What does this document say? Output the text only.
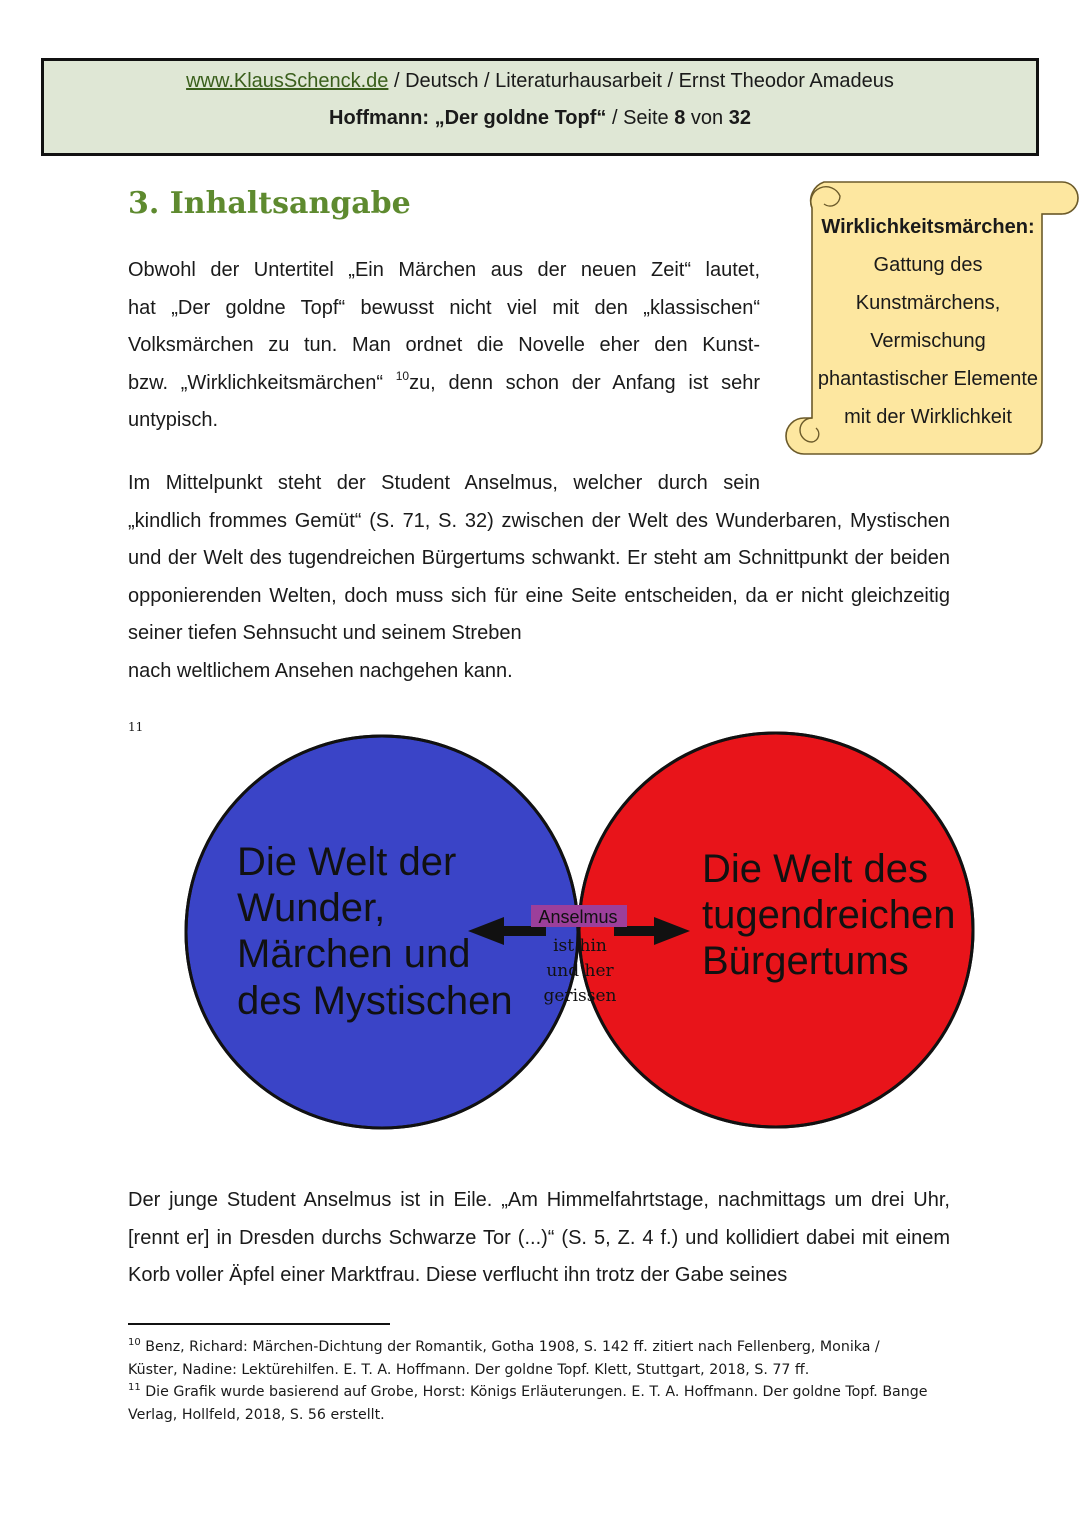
www.KlausSchenck.de / Deutsch / Literaturhausarbeit / Ernst Theodor Amadeus
Hoffmann: „Der goldne Topf“ / Seite 8 von 32
3. Inhaltsangabe
Obwohl der Untertitel „Ein Märchen aus der neuen Zeit“ lautet,
hat „Der goldne Topf“ bewusst nicht viel mit den „klassischen“
Volksmärchen zu tun. Man ordnet die Novelle eher den Kunst-
bzw. „Wirklichkeitsmärchen“ $^{10}$zu, denn schon der Anfang ist sehr
untypisch.
Wirklichkeitsmärchen:
Gattung des
Kunstmärchens,
Vermischung
phantastischer Elemente
mit der Wirklichkeit
Im Mittelpunkt steht der Student Anselmus, welcher durch sein
„kindlich frommes Gemüt“ (S. 71, S. 32) zwischen der Welt des Wunderbaren, Mystischen und der Welt des tugendreichen Bürgertums schwankt. Er steht am Schnittpunkt der beiden opponierenden Welten, doch muss sich für eine Seite entscheiden, da er nicht gleichzeitig seiner tiefen Sehnsucht und seinem Streben
nach weltlichem Ansehen nachgehen kann.
11
Die Welt der
Wunder,
Märchen und
des Mystischen
Die Welt des
tugendreichen
Bürgertums
Anselmus
ist hin
und her
gerissen
Der junge Student Anselmus ist in Eile. „Am Himmelfahrtstage, nachmittags um drei Uhr, [rennt er] in Dresden durchs Schwarze Tor (...)“ (S. 5, Z. 4 f.) und kollidiert dabei mit einem Korb voller Äpfel einer Marktfrau. Diese verflucht ihn trotz der Gabe seines

$^{10}$ Benz, Richard: Märchen-Dichtung der Romantik, Gotha 1908, S. 142 ff. zitiert nach Fellenberg, Monika / Küster, Nadine: Lektürehilfen. E. T. A. Hoffmann. Der goldne Topf. Klett, Stuttgart, 2018, S. 77 ff.

$^{11}$ Die Grafik wurde basierend auf Grobe, Horst: Königs Erläuterungen. E. T. A. Hoffmann. Der goldne Topf. Bange Verlag, Hollfeld, 2018, S. 56 erstellt.
